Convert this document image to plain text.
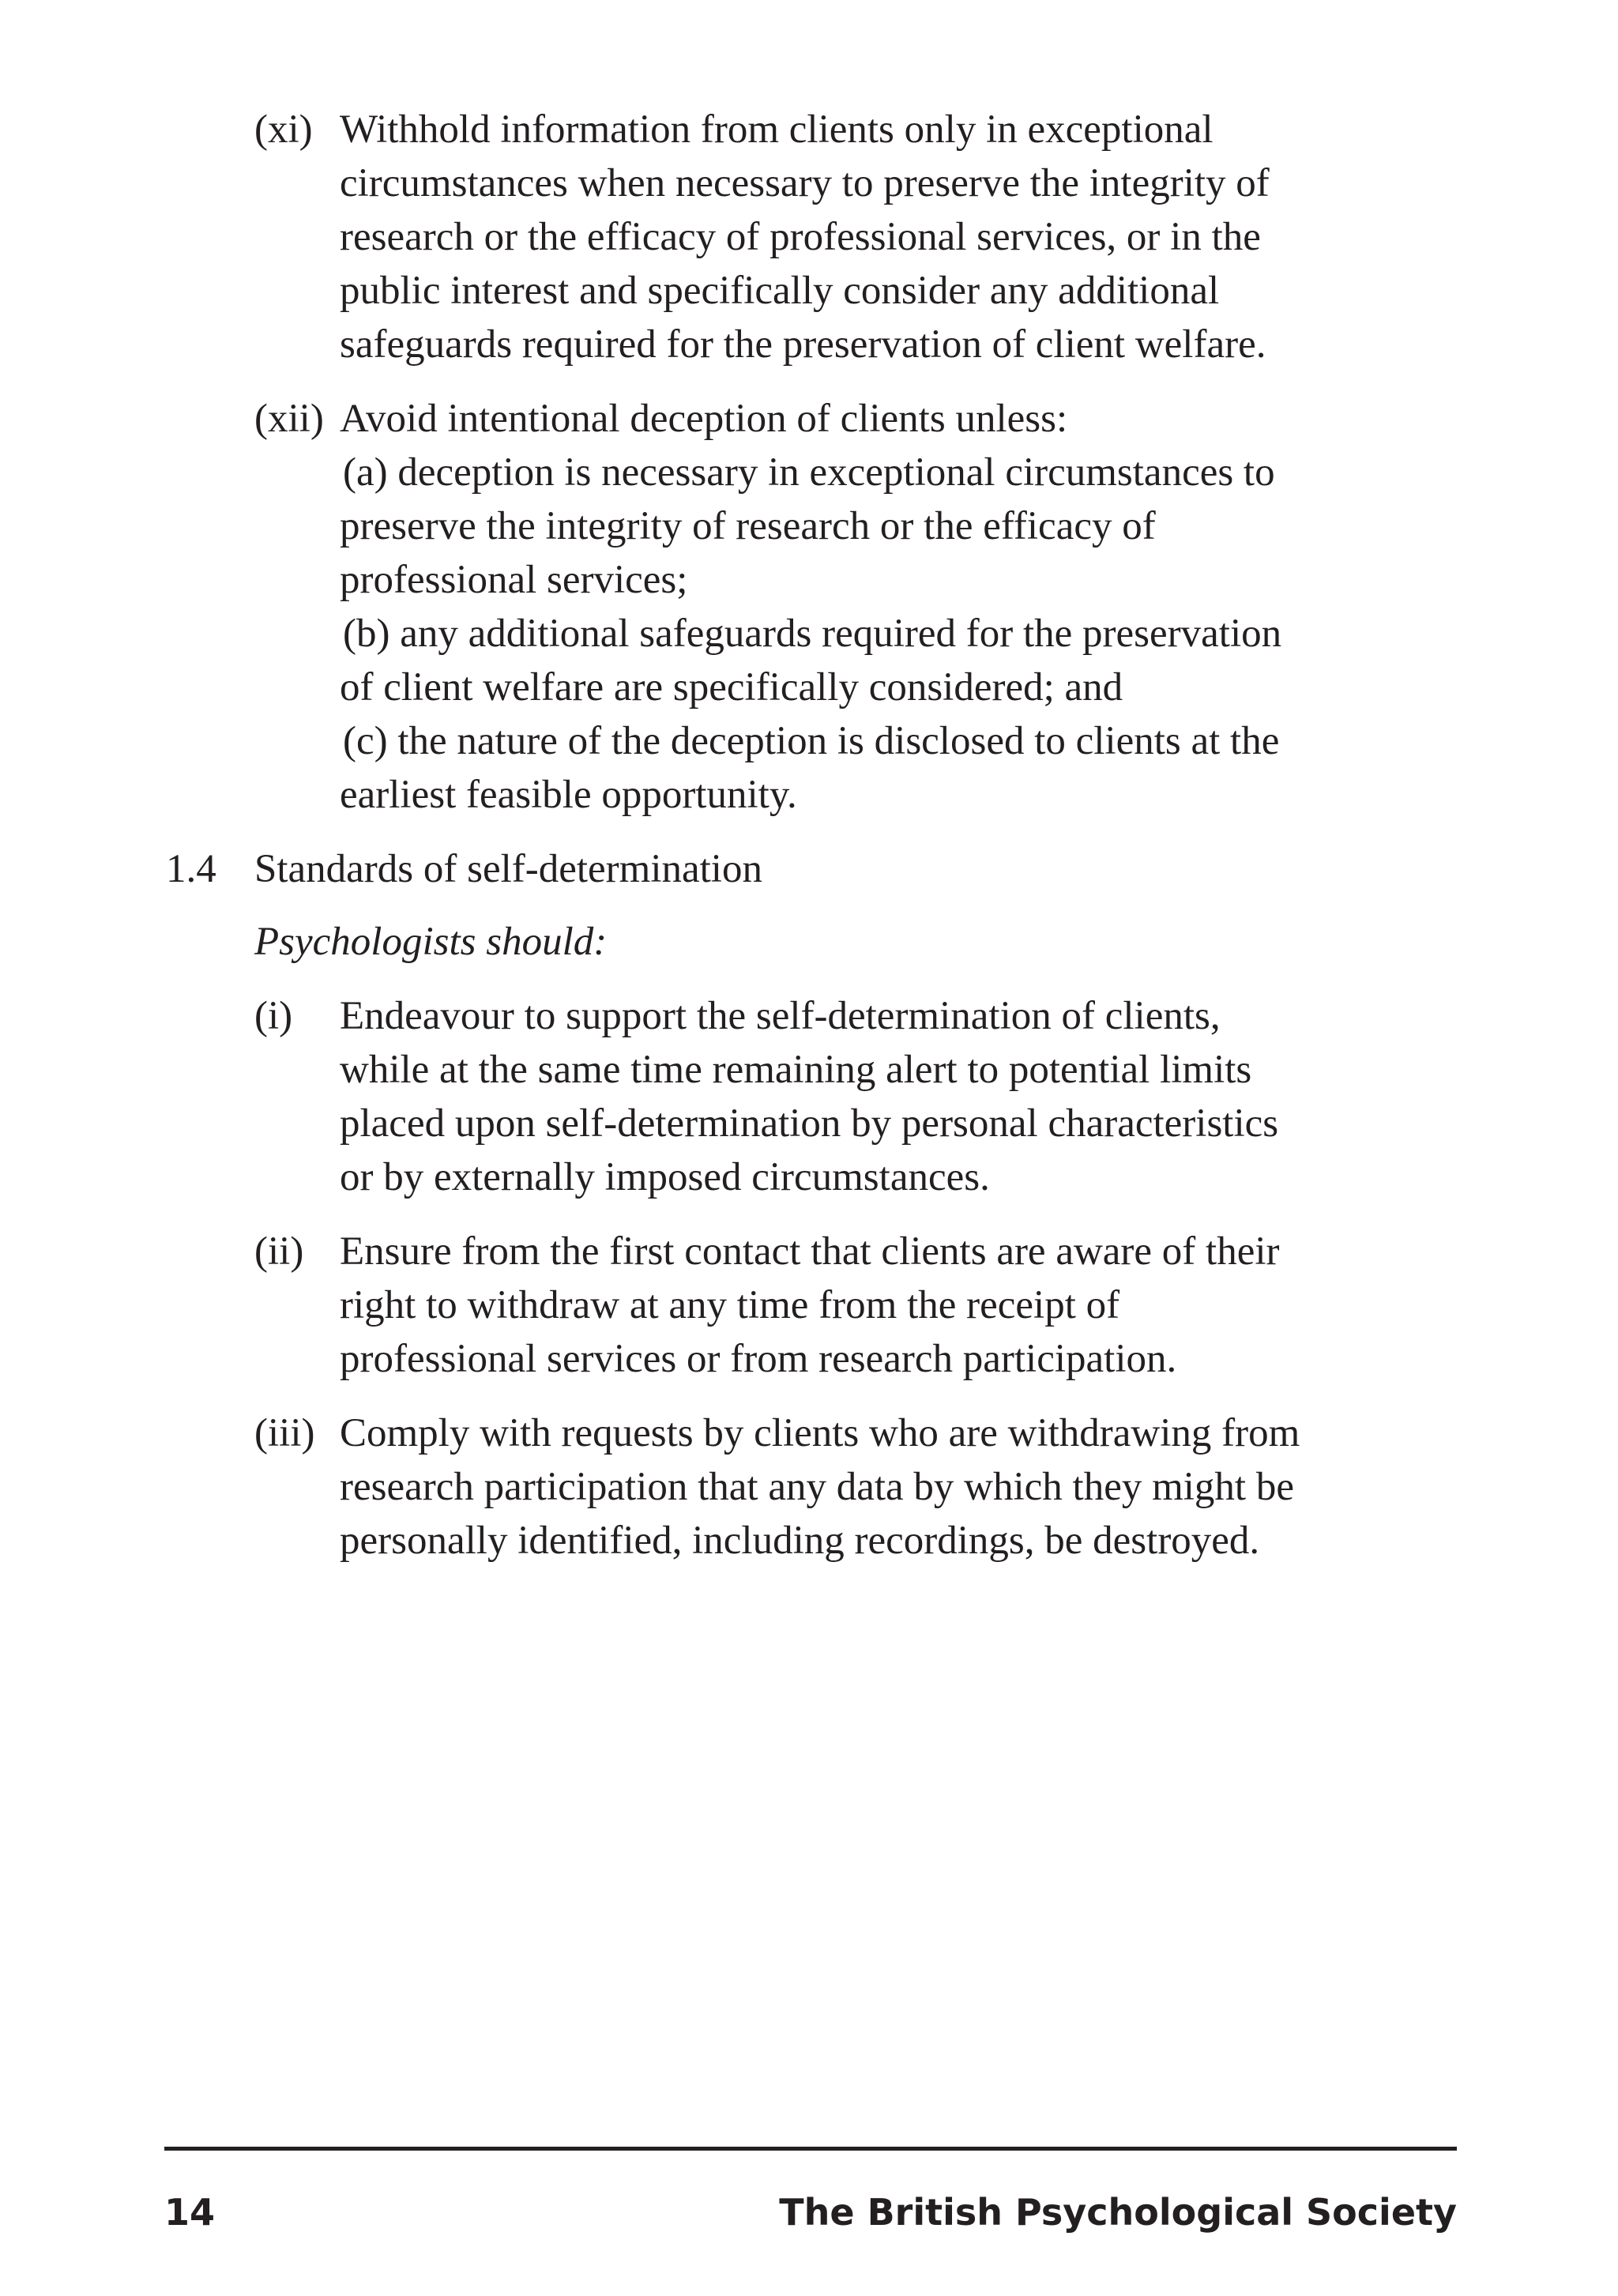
(xi) Withhold information from clients only in exceptional
circumstances when necessary to preserve the integrity of
research or the efficacy of professional services, or in the
public interest and specifically consider any additional
safeguards required for the preservation of client welfare.
(xii) Avoid intentional deception of clients unless:
(a) deception is necessary in exceptional circumstances to
preserve the integrity of research or the efficacy of
professional services;
(b) any additional safeguards required for the preservation
of client welfare are specifically considered; and
(c) the nature of the deception is disclosed to clients at the
earliest feasible opportunity.
1.4 Standards of self-determination
Psychologists should:
(i) Endeavour to support the self-determination of clients,
while at the same time remaining alert to potential limits
placed upon self-determination by personal characteristics
or by externally imposed circumstances.
(ii) Ensure from the first contact that clients are aware of their
right to withdraw at any time from the receipt of
professional services or from research participation.
(iii) Comply with requests by clients who are withdrawing from
research participation that any data by which they might be
personally identified, including recordings, be destroyed.
14	The British Psychological Society
